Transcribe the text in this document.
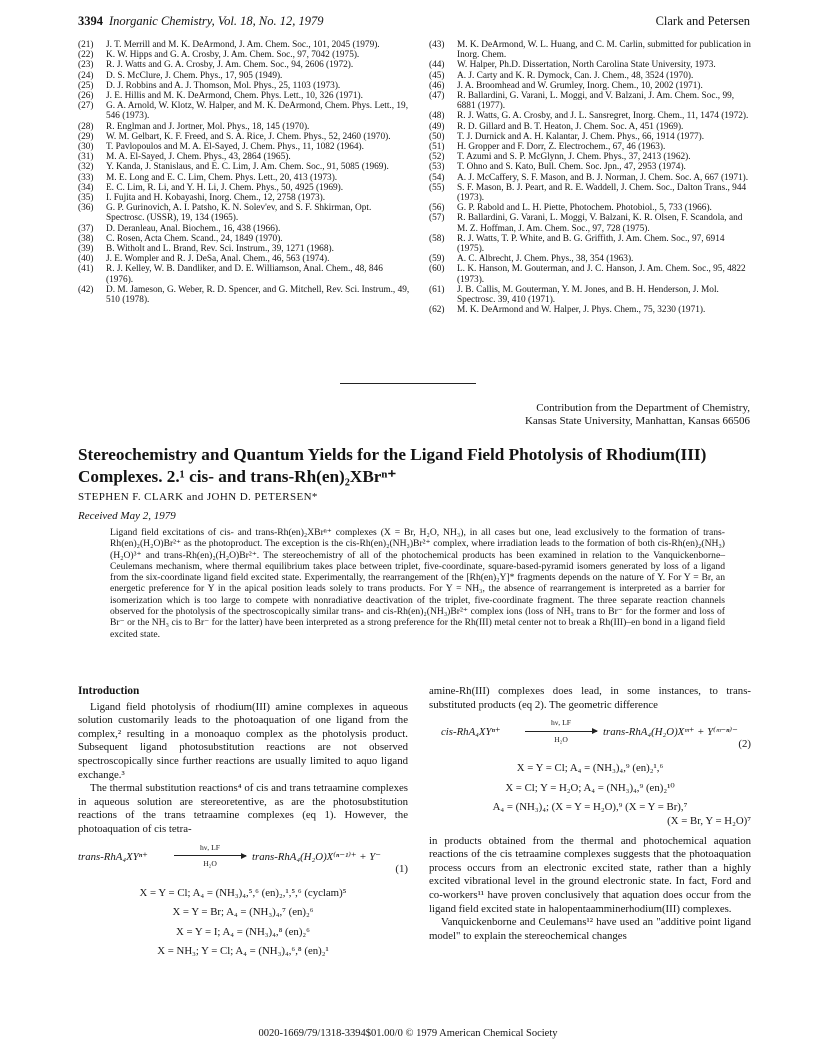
3394 Inorganic Chemistry, Vol. 18, No. 12, 1979	Clark and Petersen
(21) J. T. Merrill and M. K. DeArmond, J. Am. Chem. Soc., 101, 2045 (1979).
(22) K. W. Hipps and G. A. Crosby, J. Am. Chem. Soc., 97, 7042 (1975).
(23) R. J. Watts and G. A. Crosby, J. Am. Chem. Soc., 94, 2606 (1972).
(24) D. S. McClure, J. Chem. Phys., 17, 905 (1949).
(25) D. J. Robbins and A. J. Thomson, Mol. Phys., 25, 1103 (1973).
(26) J. E. Hillis and M. K. DeArmond, Chem. Phys. Lett., 10, 326 (1971).
(27) G. A. Arnold, W. Klotz, W. Halper, and M. K. DeArmond, Chem. Phys. Lett., 19, 546 (1973).
(28) R. Englman and J. Jortner, Mol. Phys., 18, 145 (1970).
(29) W. M. Gelbart, K. F. Freed, and S. A. Rice, J. Chem. Phys., 52, 2460 (1970).
(30) T. Pavlopoulos and M. A. El-Sayed, J. Chem. Phys., 11, 1082 (1964).
(31) M. A. El-Sayed, J. Chem. Phys., 43, 2864 (1965).
(32) Y. Kanda, J. Stanislaus, and E. C. Lim, J. Am. Chem. Soc., 91, 5085 (1969).
(33) M. E. Long and E. C. Lim, Chem. Phys. Lett., 20, 413 (1973).
(34) E. C. Lim, R. Li, and Y. H. Li, J. Chem. Phys., 50, 4925 (1969).
(35) I. Fujita and H. Kobayashi, Inorg. Chem., 12, 2758 (1973).
(36) G. P. Gurinovich, A. I. Patsho, K. N. Solev'ev, and S. F. Shkirman, Opt. Spectrosc. (USSR), 19, 134 (1965).
(37) D. Deranleau, Anal. Biochem., 16, 438 (1966).
(38) C. Rosen, Acta Chem. Scand., 24, 1849 (1970).
(39) B. Witholt and L. Brand, Rev. Sci. Instrum., 39, 1271 (1968).
(40) J. E. Wompler and R. J. DeSa, Anal. Chem., 46, 563 (1974).
(41) R. J. Kelley, W. B. Dandliker, and D. E. Williamson, Anal. Chem., 48, 846 (1976).
(42) D. M. Jameson, G. Weber, R. D. Spencer, and G. Mitchell, Rev. Sci. Instrum., 49, 510 (1978).
(43) M. K. DeArmond, W. L. Huang, and C. M. Carlin, submitted for publication in Inorg. Chem.
(44) W. Halper, Ph.D. Dissertation, North Carolina State University, 1973.
(45) A. J. Carty and K. R. Dymock, Can. J. Chem., 48, 3524 (1970).
(46) J. A. Broomhead and W. Grumley, Inorg. Chem., 10, 2002 (1971).
(47) R. Ballardini, G. Varani, L. Moggi, and V. Balzani, J. Am. Chem. Soc., 99, 6881 (1977).
(48) R. J. Watts, G. A. Crosby, and J. L. Sansregret, Inorg. Chem., 11, 1474 (1972).
(49) R. D. Gillard and B. T. Heaton, J. Chem. Soc. A, 451 (1969).
(50) T. J. Durnick and A. H. Kalantar, J. Chem. Phys., 66, 1914 (1977).
(51) H. Gropper and F. Dorr, Z. Electrochem., 67, 46 (1963).
(52) T. Azumi and S. P. McGlynn, J. Chem. Phys., 37, 2413 (1962).
(53) T. Ohno and S. Kato, Bull. Chem. Soc. Jpn., 47, 2953 (1974).
(54) A. J. McCaffery, S. F. Mason, and B. J. Norman, J. Chem. Soc. A, 667 (1971).
(55) S. F. Mason, B. J. Peart, and R. E. Waddell, J. Chem. Soc., Dalton Trans., 944 (1973).
(56) G. P. Rabold and L. H. Piette, Photochem. Photobiol., 5, 733 (1966).
(57) R. Ballardini, G. Varani, L. Moggi, V. Balzani, K. R. Olsen, F. Scandola, and M. Z. Hoffman, J. Am. Chem. Soc., 97, 728 (1975).
(58) R. J. Watts, T. P. White, and B. G. Griffith, J. Am. Chem. Soc., 97, 6914 (1975).
(59) A. C. Albrecht, J. Chem. Phys., 38, 354 (1963).
(60) L. K. Hanson, M. Gouterman, and J. C. Hanson, J. Am. Chem. Soc., 95, 4822 (1973).
(61) J. B. Callis, M. Gouterman, Y. M. Jones, and B. H. Henderson, J. Mol. Spectrosc. 39, 410 (1971).
(62) M. K. DeArmond and W. Halper, J. Phys. Chem., 75, 3230 (1971).
Contribution from the Department of Chemistry,
Kansas State University, Manhattan, Kansas 66506
Stereochemistry and Quantum Yields for the Ligand Field Photolysis of Rhodium(III)
Complexes. 2.¹ cis- and trans-Rh(en)₂XBrⁿ⁺
STEPHEN F. CLARK and JOHN D. PETERSEN*
Received May 2, 1979
Ligand field excitations of cis- and trans-Rh(en)₂XBrⁿ⁺ complexes (X = Br, H₂O, NH₃), in all cases but one, lead exclusively to the formation of trans-Rh(en)₂(H₂O)Br²⁺ as the photoproduct. The exception is the cis-Rh(en)₂(NH₃)Br²⁺ complex, where irradiation leads to the formation of both cis-Rh(en)₂(NH₃)(H₂O)³⁺ and trans-Rh(en)₂(H₂O)Br²⁺. The stereochemistry of all of the photochemical products has been examined in relation to the Vanquickenborne–Ceulemans mechanism, where thermal equilibrium takes place between triplet, five-coordinate, square-based-pyramid isomers generated by loss of a ligand from the six-coordinate ligand field excited state. Experimentally, the rearrangement of the [Rh(en)₂Y]* fragments depends on the nature of Y. For Y = Br, an energetic preference for Y in the apical position leads solely to trans products. For Y = NH₃, the absence of rearrangement is interpreted as a barrier for isomerization which is too large to compete with nonradiative deactivation of the triplet, five-coordinate fragment. The three separate reaction channels observed for the photolysis of the spectroscopically similar trans- and cis-Rh(en)₂(NH₃)Br²⁺ complex ions (loss of NH₃ trans to Br⁻ for the former and loss of Br⁻ or the NH₃ cis to Br⁻ for the latter) have been interpreted as a strong preference for the Rh(III) metal center not to break a Rh(III)–en bond in a ligand field excited state.
Introduction

Ligand field photolysis of rhodium(III) amine complexes in aqueous solution customarily leads to the photoaquation of one ligand from the complex,² resulting in a monoaquo complex as the photolysis product. Subsequent ligand photosubstitution reactions are not observed spectroscopically since further reactions are usually limited to aquo ligand exchange.³

The thermal substitution reactions⁴ of cis and trans tetraamine complexes in aqueous solution are stereoretentive, as are the photosubstitution reactions of the trans tetraamine complexes (eq 1). However, the photoaquation of cis tetra-

trans-RhA₄XYⁿ⁺
hν, LF
H₂O
trans-RhA₄(H₂O)X⁽ⁿ⁻¹⁾⁺ + Y⁻
(1)
X = Y = Cl; A₄ = (NH₃)₄,⁵,⁶ (en)₂,¹,⁵,⁶ (cyclam)⁵
X = Y = Br; A₄ = (NH₃)₄,⁷ (en)₂⁶
X = Y = I; A₄ = (NH₃)₄,⁸ (en)₂⁶
X = NH₃; Y = Cl; A₄ = (NH₃)₄,⁶,⁸ (en)₂¹

amine-Rh(III) complexes does lead, in some instances, to trans-substituted products (eq 2). The geometric difference

cis-RhA₄XYⁿ⁺
hν, LF
H₂O
trans-RhA₄(H₂O)Xᵐ⁺ + Y⁽ᵐ⁻ⁿ⁾⁻
(2)
X = Y = Cl; A₄ = (NH₃)₄,⁹ (en)₂¹,⁶
X = Cl; Y = H₂O; A₄ = (NH₃)₄,⁹ (en)₂¹⁰
A₄ = (NH₃)₄; (X = Y = H₂O),⁹ (X = Y = Br),⁷
(X = Br, Y = H₂O)⁷

in products obtained from the thermal and photochemical aquation reactions of the cis tetraamine complexes suggests that the photoaquation process occurs from an electronic excited state, rather than a highly excited vibrational level in the ground electronic state. In fact, Ford and co-workers¹¹ have proven conclusively that aquation does occur from the ligand field excited state in halopentaamminerhodium(III) complexes.

Vanquickenborne and Ceulemans¹² have used an "additive point ligand model" to explain the stereochemical changes

0020-1669/79/1318-3394$01.00/0 © 1979 American Chemical Society
